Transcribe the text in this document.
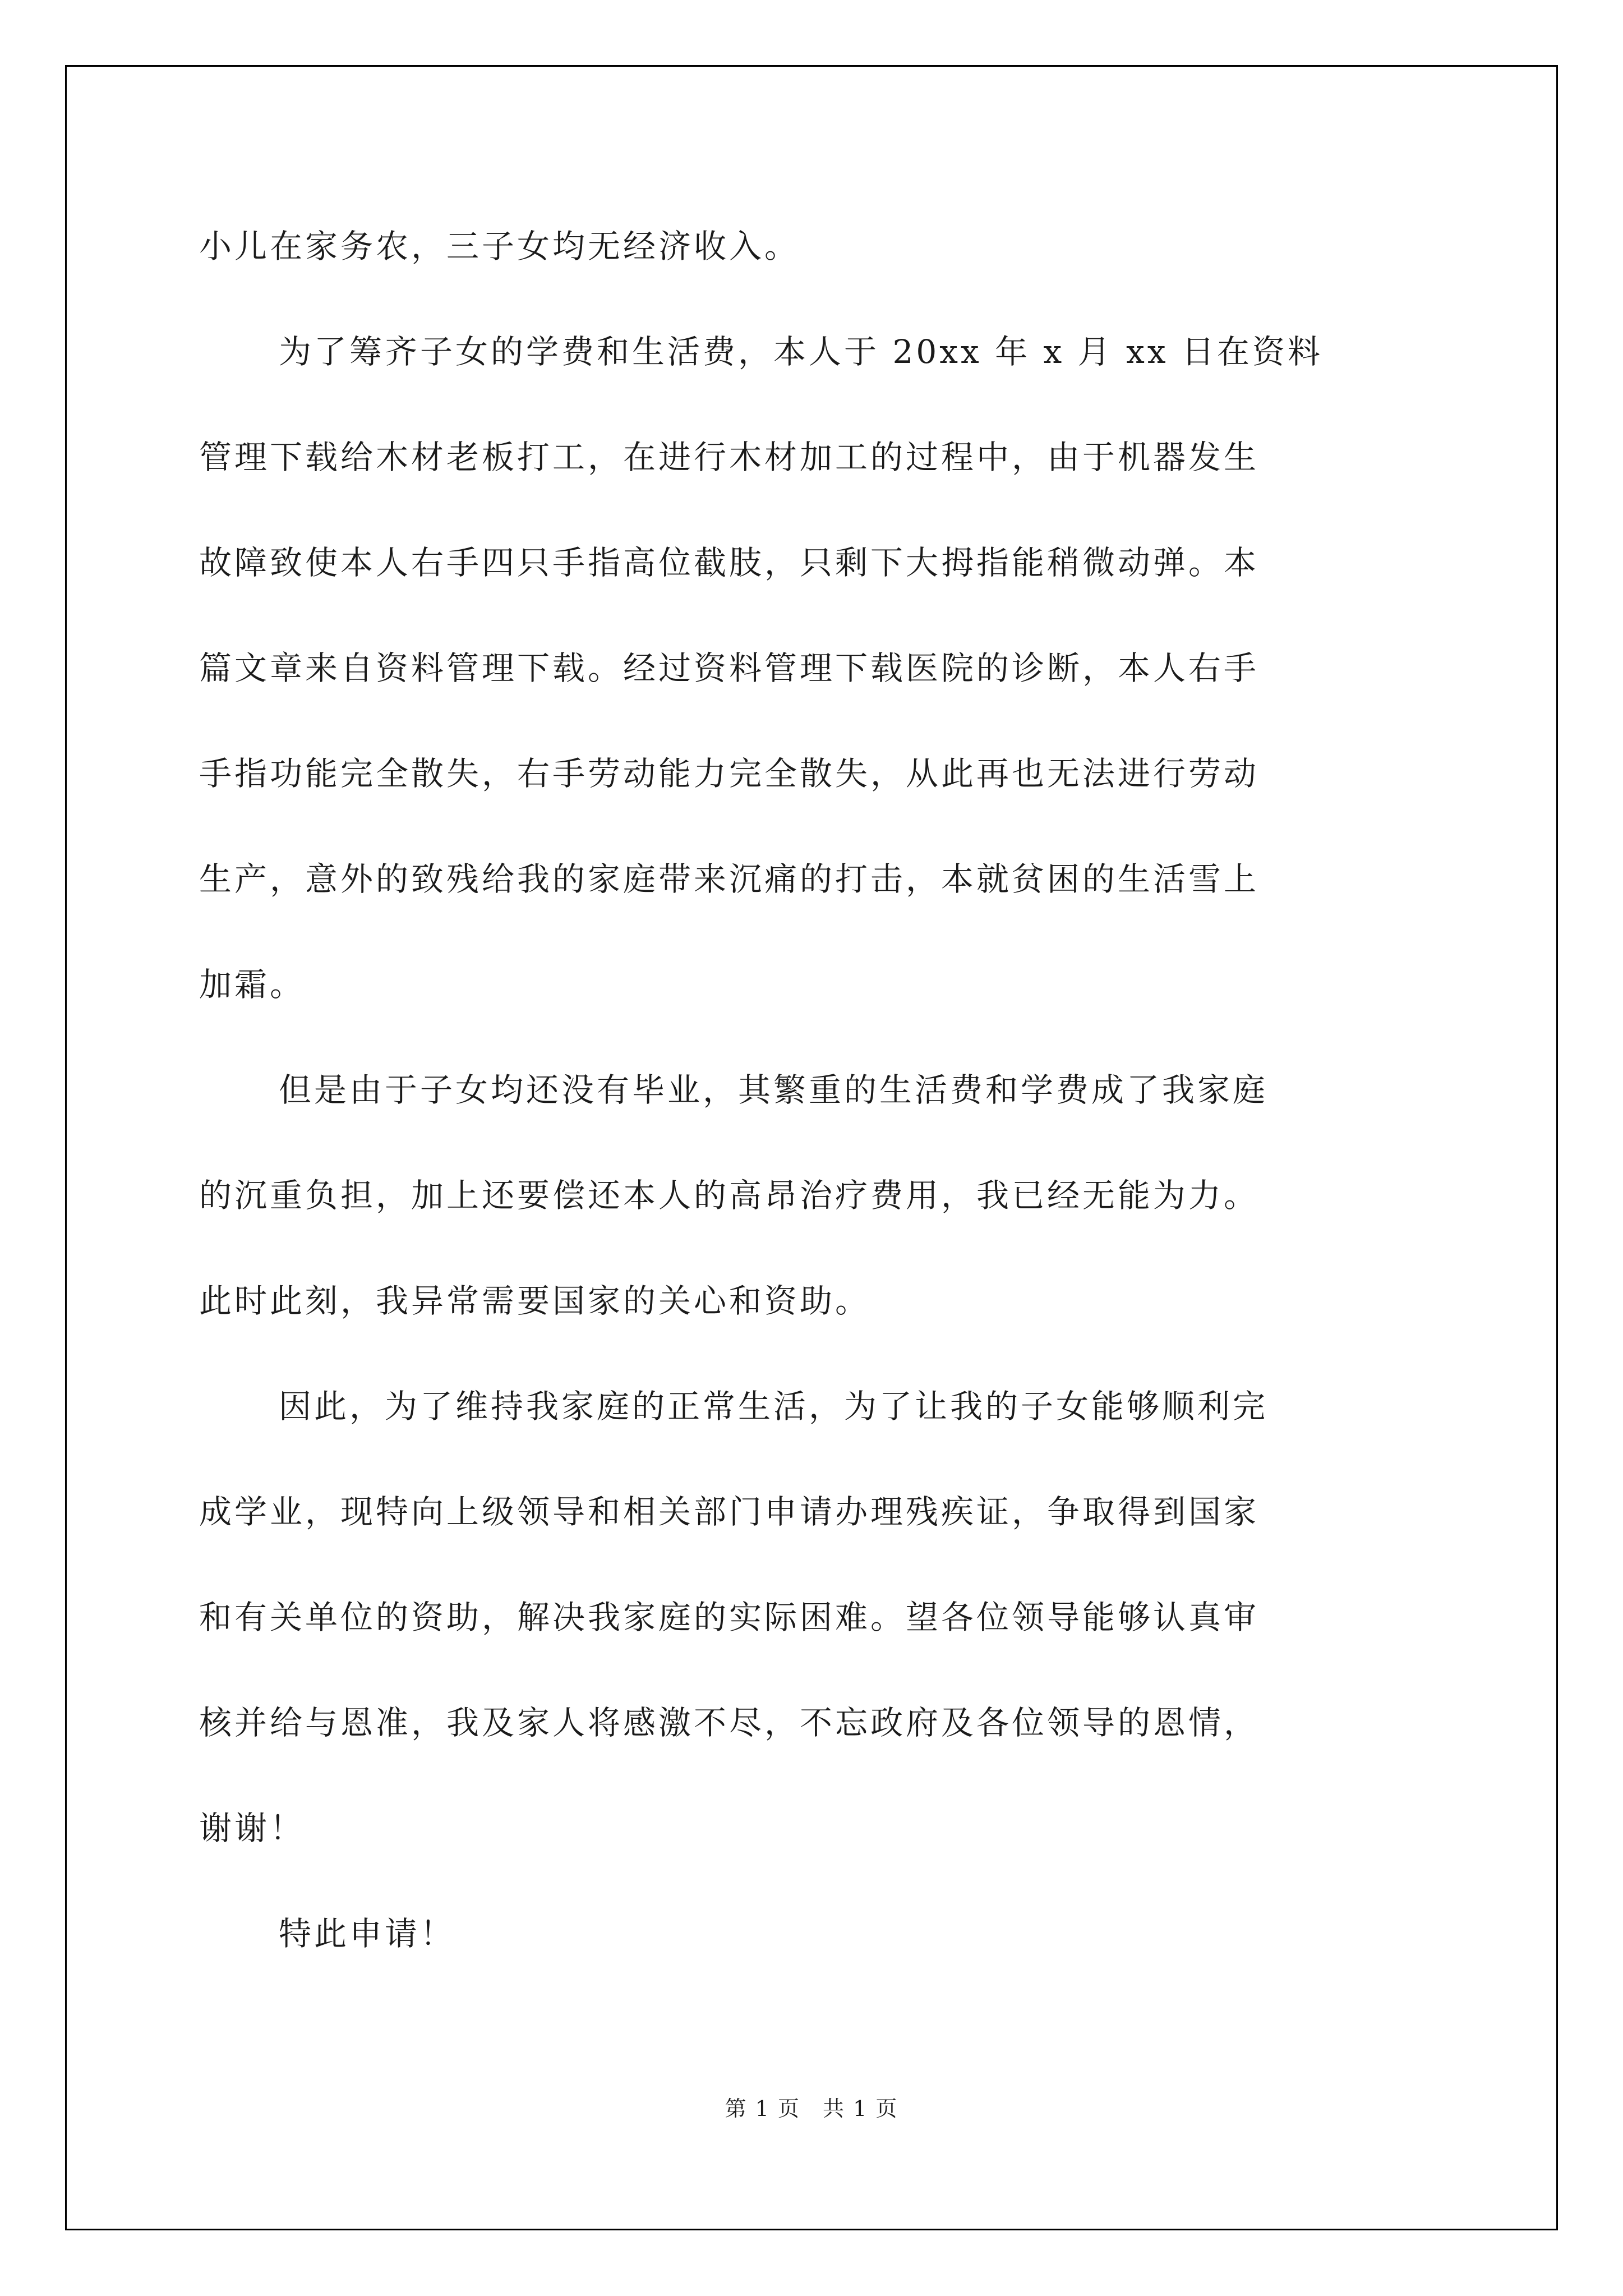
小儿在家务农，三子女均无经济收入。
为了筹齐子女的学费和生活费，本人于 20xx 年 x 月 xx 日在资料
管理下载给木材老板打工，在进行木材加工的过程中，由于机器发生
故障致使本人右手四只手指高位截肢，只剩下大拇指能稍微动弹。本
篇文章来自资料管理下载。经过资料管理下载医院的诊断，本人右手
手指功能完全散失，右手劳动能力完全散失，从此再也无法进行劳动
生产，意外的致残给我的家庭带来沉痛的打击，本就贫困的生活雪上
加霜。
但是由于子女均还没有毕业，其繁重的生活费和学费成了我家庭
的沉重负担，加上还要偿还本人的高昂治疗费用，我已经无能为力。
此时此刻，我异常需要国家的关心和资助。
因此，为了维持我家庭的正常生活，为了让我的子女能够顺利完
成学业，现特向上级领导和相关部门申请办理残疾证，争取得到国家
和有关单位的资助，解决我家庭的实际困难。望各位领导能够认真审
核并给与恩准，我及家人将感激不尽，不忘政府及各位领导的恩情，
谢谢！
特此申请！
第 1 页　共 1 页
